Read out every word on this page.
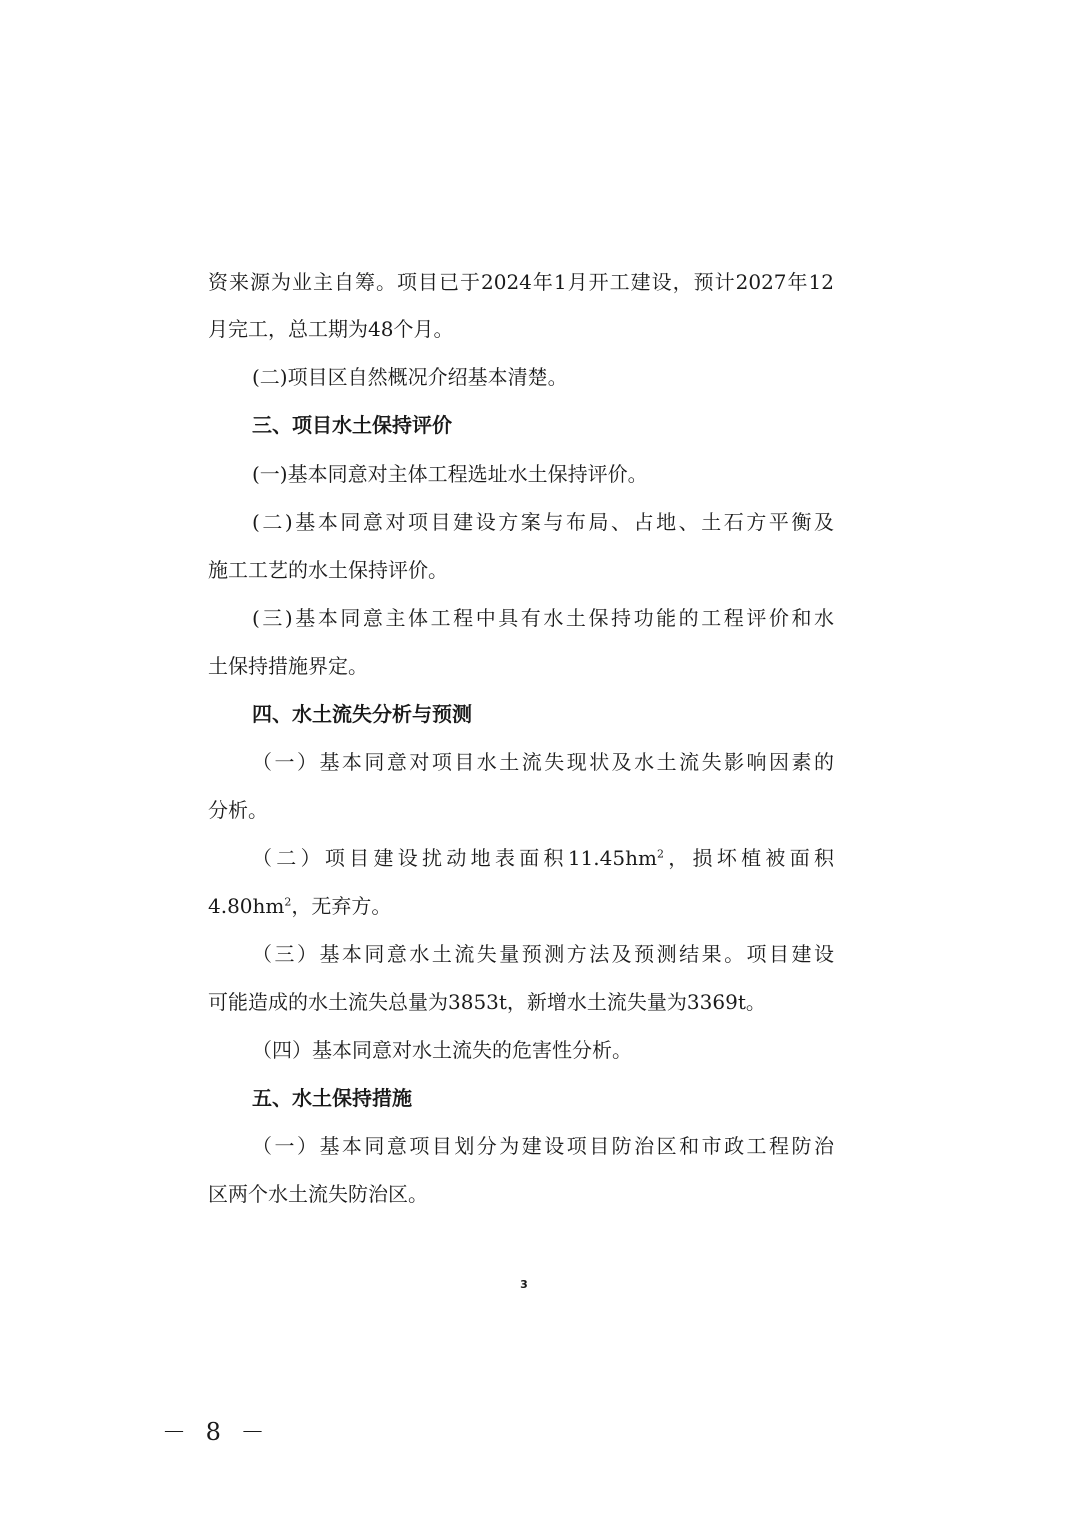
资来源为业主自筹。项目已于2024年1月开工建设，预计2027年12
月完工，总工期为48个月。
(二)项目区自然概况介绍基本清楚。
三、项目水土保持评价
(一)基本同意对主体工程选址水土保持评价。
(二)基本同意对项目建设方案与布局、占地、土石方平衡及
施工工艺的水土保持评价。
(三)基本同意主体工程中具有水土保持功能的工程评价和水
土保持措施界定。
四、水土流失分析与预测
（一）基本同意对项目水土流失现状及水土流失影响因素的
分析。
（二）项目建设扰动地表面积$11.45hm^2$，损坏植被面积
$4.80hm^2$，无弃方。
（三）基本同意水土流失量预测方法及预测结果。项目建设
可能造成的水土流失总量为3853t，新增水土流失量为3369t。
（四）基本同意对水土流失的危害性分析。
五、水土保持措施
（一）基本同意项目划分为建设项目防治区和市政工程防治
区两个水土流失防治区。
3
－ 8 －
